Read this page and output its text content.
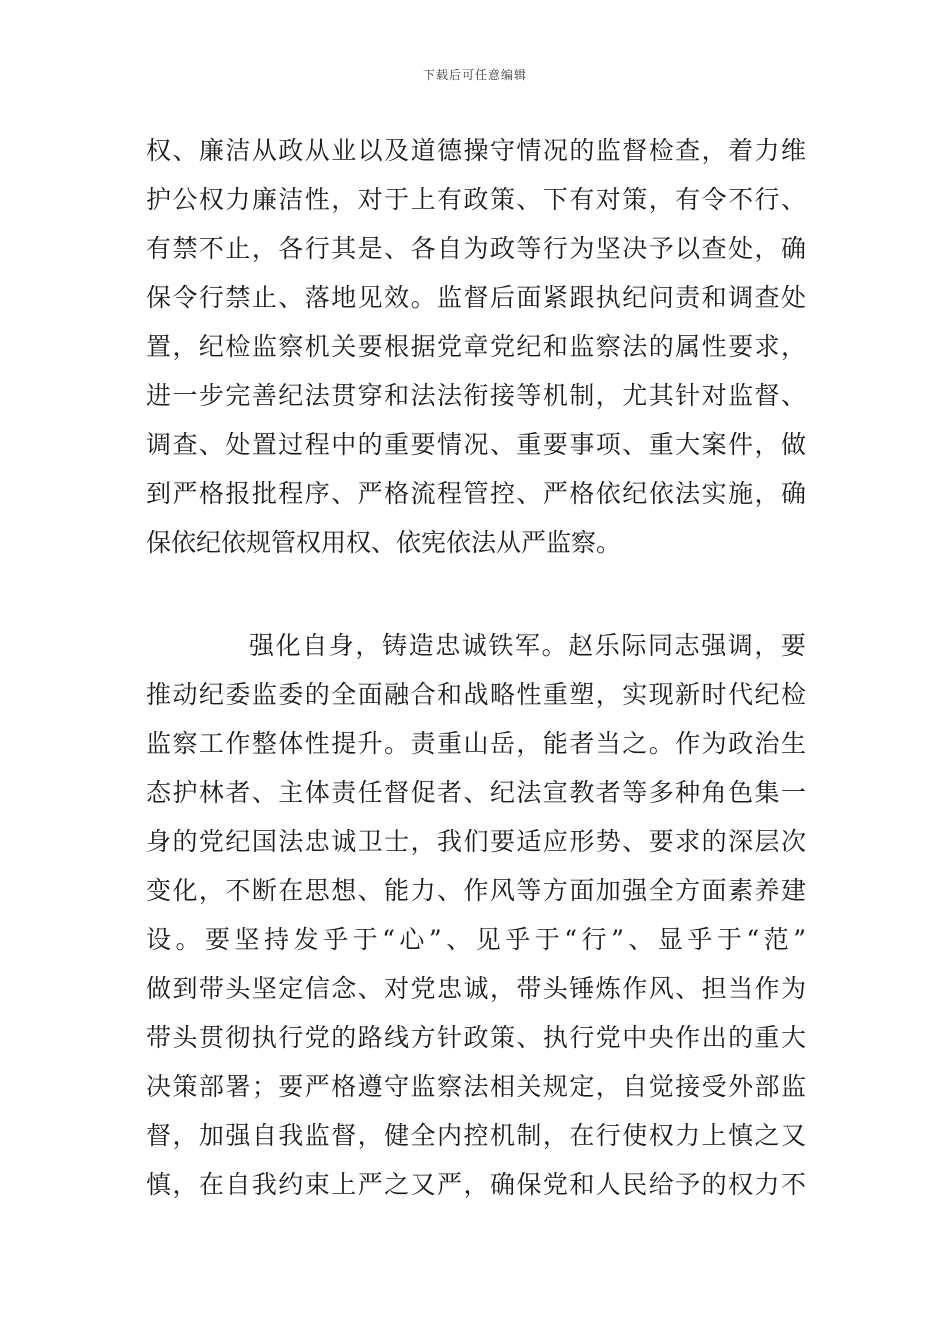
下载后可任意编辑
权、廉洁从政从业以及道德操守情况的监督检查，着力维
护公权力廉洁性，对于上有政策、下有对策，有令不行、
有禁不止，各行其是、各自为政等行为坚决予以查处，确
保令行禁止、落地见效。监督后面紧跟执纪问责和调查处
置，纪检监察机关要根据党章党纪和监察法的属性要求，
进一步完善纪法贯穿和法法衔接等机制，尤其针对监督、
调查、处置过程中的重要情况、重要事项、重大案件，做
到严格报批程序、严格流程管控、严格依纪依法实施，确
保依纪依规管权用权、依宪依法从严监察。
强化自身，铸造忠诚铁军。赵乐际同志强调，要
推动纪委监委的全面融合和战略性重塑，实现新时代纪检
监察工作整体性提升。责重山岳，能者当之。作为政治生
态护林者、主体责任督促者、纪法宣教者等多种角色集一
身的党纪国法忠诚卫士，我们要适应形势、要求的深层次
变化，不断在思想、能力、作风等方面加强全方面素养建
设。要坚持发乎于“心”、见乎于“行”、显乎于“范”
做到带头坚定信念、对党忠诚，带头锤炼作风、担当作为
带头贯彻执行党的路线方针政策、执行党中央作出的重大
决策部署；要严格遵守监察法相关规定，自觉接受外部监
督，加强自我监督，健全内控机制，在行使权力上慎之又
慎，在自我约束上严之又严，确保党和人民给予的权力不
